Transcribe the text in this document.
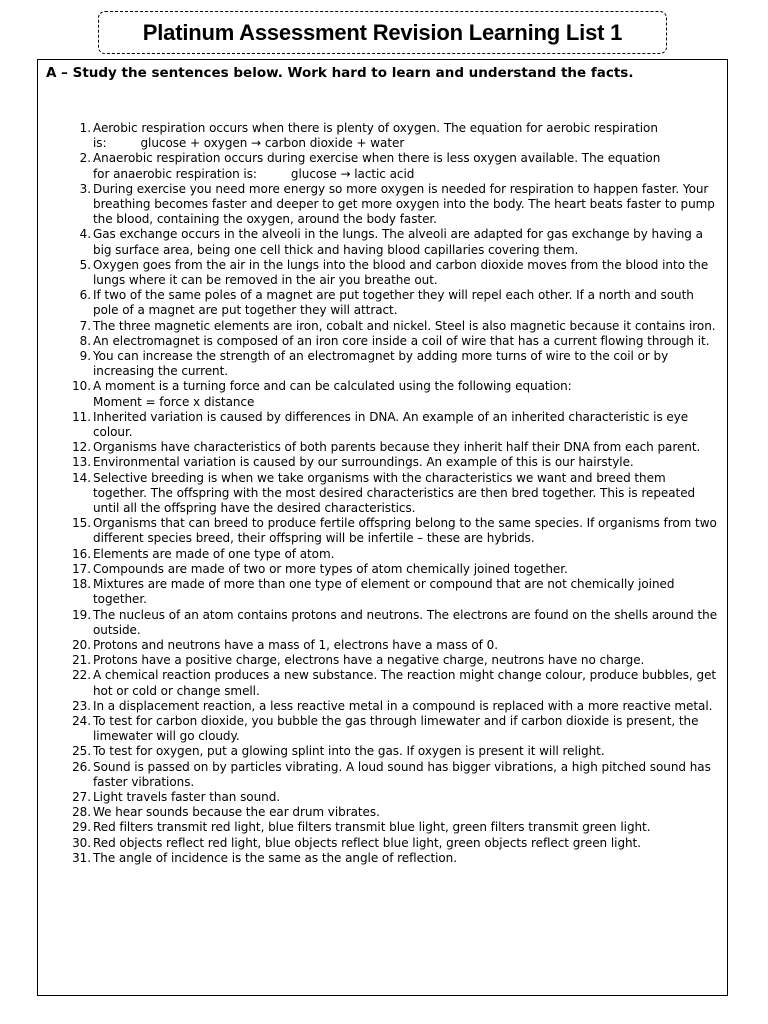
Platinum Assessment Revision Learning List 1
A – Study the sentences below. Work hard to learn and understand the facts.
1. Aerobic respiration occurs when there is plenty of oxygen. The equation for aerobic respiration
is:	glucose + oxygen → carbon dioxide + water
2. Anaerobic respiration occurs during exercise when there is less oxygen available. The equation
for anaerobic respiration is:	glucose → lactic acid
3. During exercise you need more energy so more oxygen is needed for respiration to happen faster. Your breathing becomes faster and deeper to get more oxygen into the body. The heart beats faster to pump the blood, containing the oxygen, around the body faster.
4. Gas exchange occurs in the alveoli in the lungs. The alveoli are adapted for gas exchange by having a big surface area, being one cell thick and having blood capillaries covering them.
5. Oxygen goes from the air in the lungs into the blood and carbon dioxide moves from the blood into the lungs where it can be removed in the air you breathe out.
6. If two of the same poles of a magnet are put together they will repel each other. If a north and south pole of a magnet are put together they will attract.
7. The three magnetic elements are iron, cobalt and nickel. Steel is also magnetic because it contains iron.
8. An electromagnet is composed of an iron core inside a coil of wire that has a current flowing through it.
9. You can increase the strength of an electromagnet by adding more turns of wire to the coil or by increasing the current.
10. A moment is a turning force and can be calculated using the following equation:
Moment = force x distance
11. Inherited variation is caused by differences in DNA. An example of an inherited characteristic is eye colour.
12. Organisms have characteristics of both parents because they inherit half their DNA from each parent.
13. Environmental variation is caused by our surroundings. An example of this is our hairstyle.
14. Selective breeding is when we take organisms with the characteristics we want and breed them together. The offspring with the most desired characteristics are then bred together. This is repeated until all the offspring have the desired characteristics.
15. Organisms that can breed to produce fertile offspring belong to the same species. If organisms from two different species breed, their offspring will be infertile – these are hybrids.
16. Elements are made of one type of atom.
17. Compounds are made of two or more types of atom chemically joined together.
18. Mixtures are made of more than one type of element or compound that are not chemically joined together.
19. The nucleus of an atom contains protons and neutrons. The electrons are found on the shells around the outside.
20. Protons and neutrons have a mass of 1, electrons have a mass of 0.
21. Protons have a positive charge, electrons have a negative charge, neutrons have no charge.
22. A chemical reaction produces a new substance. The reaction might change colour, produce bubbles, get hot or cold or change smell.
23. In a displacement reaction, a less reactive metal in a compound is replaced with a more reactive metal.
24. To test for carbon dioxide, you bubble the gas through limewater and if carbon dioxide is present, the limewater will go cloudy.
25. To test for oxygen, put a glowing splint into the gas. If oxygen is present it will relight.
26. Sound is passed on by particles vibrating. A loud sound has bigger vibrations, a high pitched sound has faster vibrations.
27. Light travels faster than sound.
28. We hear sounds because the ear drum vibrates.
29. Red filters transmit red light, blue filters transmit blue light, green filters transmit green light.
30. Red objects reflect red light, blue objects reflect blue light, green objects reflect green light.
31. The angle of incidence is the same as the angle of reflection.
